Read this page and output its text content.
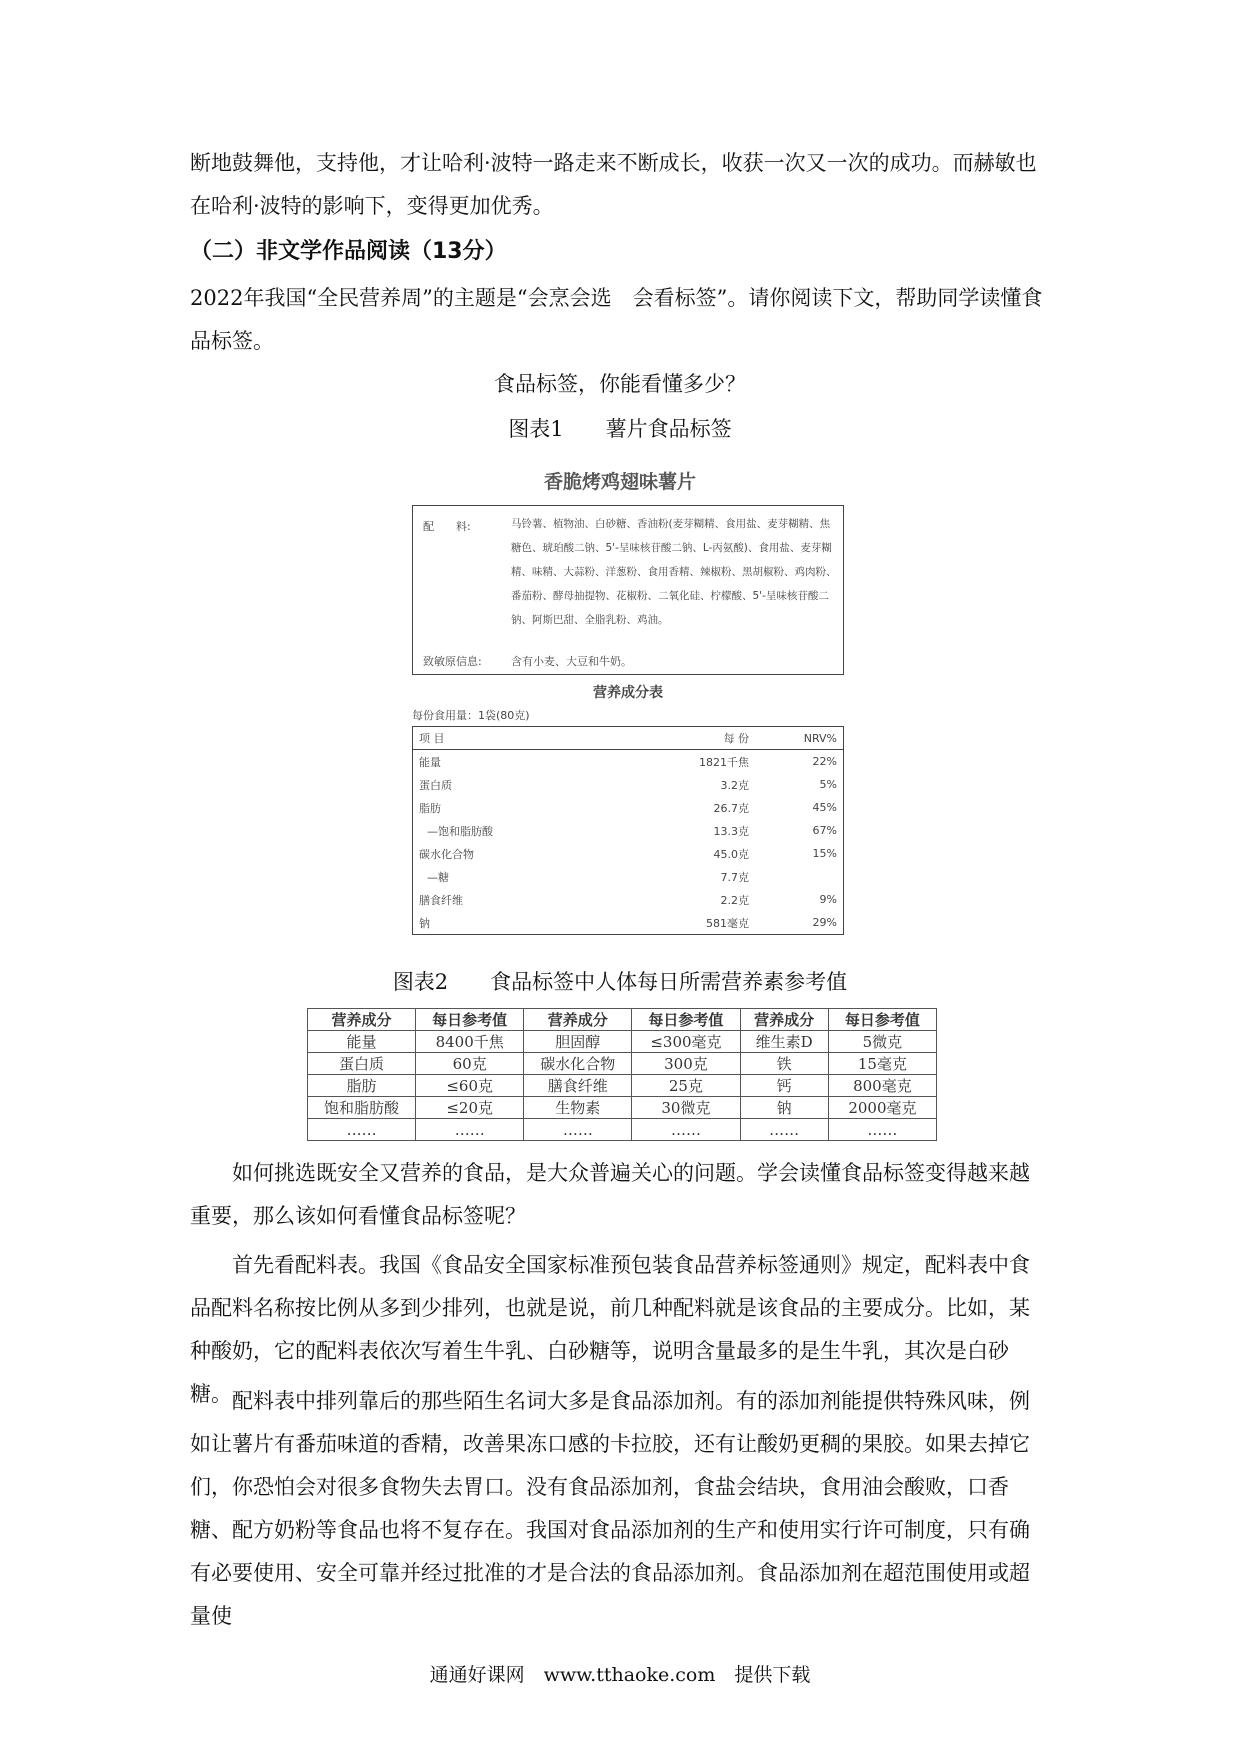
断地鼓舞他，支持他，才让哈利·波特一路走来不断成长，收获一次又一次的成功。而赫敏也在哈利·波特的影响下，变得更加优秀。

（二）非文学作品阅读（13分）

2022年我国“全民营养周”的主题是“会烹会选　会看标签”。请你阅读下文，帮助同学读懂食品标签。

食品标签，你能看懂多少？
图表1　　薯片食品标签
香脆烤鸡翅味薯片
配　　料:	马铃薯、植物油、白砂糖、香油粉(麦芽糊精、食用盐、麦芽糊精、焦糖色、琥珀酸二钠、5'-呈味核苷酸二钠、L-丙氨酸)、食用盐、麦芽糊精、味精、大蒜粉、洋葱粉、食用香精、辣椒粉、黑胡椒粉、鸡肉粉、番茄粉、酵母抽提物、花椒粉、二氧化硅、柠檬酸、5'-呈味核苷酸二钠、阿斯巴甜、全脂乳粉、鸡油。
致敏原信息:	含有小麦、大豆和牛奶。
营养成分表
每份食用量：1袋(80克)
项 目	每 份	NRV%
能量	1821千焦	22%
蛋白质	3.2克	5%
脂肪	26.7克	45%
—饱和脂肪酸	13.3克	67%
碳水化合物	45.0克	15%
—糖	7.7克	
膳食纤维	2.2克	9%
钠	581毫克	29%
图表2　　食品标签中人体每日所需营养素参考值
营养成分	每日参考值	营养成分	每日参考值	营养成分	每日参考值
能量	8400千焦	胆固醇	≤300毫克	维生素D	5微克
蛋白质	60克	碳水化合物	300克	铁	15毫克
脂肪	≤60克	膳食纤维	25克	钙	800毫克
饱和脂肪酸	≤20克	生物素	30微克	钠	2000毫克
……	……	……	……	……	……

如何挑选既安全又营养的食品，是大众普遍关心的问题。学会读懂食品标签变得越来越重要，那么该如何看懂食品标签呢？

首先看配料表。我国《食品安全国家标准预包装食品营养标签通则》规定，配料表中食品配料名称按比例从多到少排列，也就是说，前几种配料就是该食品的主要成分。比如，某种酸奶，它的配料表依次写着生牛乳、白砂糖等，说明含量最多的是生牛乳，其次是白砂糖。 配料表中排列靠后的那些陌生名词大多是食品添加剂。有的添加剂能提供特殊风味，例如让薯片有番茄味道的香精，改善果冻口感的卡拉胶，还有让酸奶更稠的果胶。如果去掉它们，你恐怕会对很多食物失去胃口。没有食品添加剂，食盐会结块，食用油会酸败，口香糖、配方奶粉等食品也将不复存在。我国对食品添加剂的生产和使用实行许可制度，只有确有必要使用、安全可靠并经过批准的才是合法的食品添加剂。食品添加剂在超范围使用或超量使

通通好课网　www.tthaoke.com　提供下载
